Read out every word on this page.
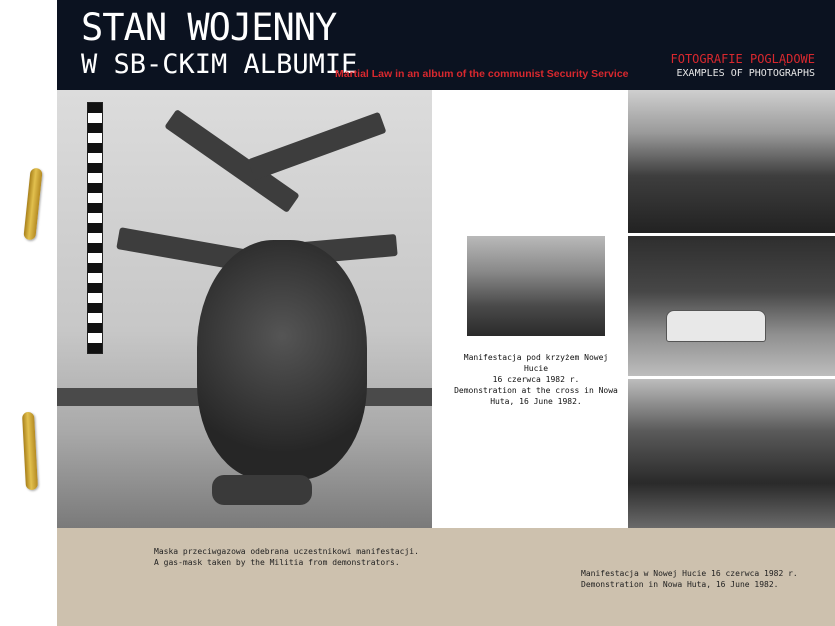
STAN WOJENNY
W SB-CKIM ALBUMIE
Martial Law in an album of the communist Security Service
FOTOGRAFIE POGLĄDOWE
EXAMPLES OF PHOTOGRAPHS
Manifestacja pod krzyżem Nowej Hucie
16 czerwca 1982 r.
Demonstration at the cross in Nowa
Huta, 16 June 1982.
Maska przeciwgazowa odebrana uczestnikowi manifestacji.
A gas-mask taken by the Militia from demonstrators.
Manifestacja w Nowej Hucie 16 czerwca 1982 r.
Demonstration in Nowa Huta, 16 June 1982.
